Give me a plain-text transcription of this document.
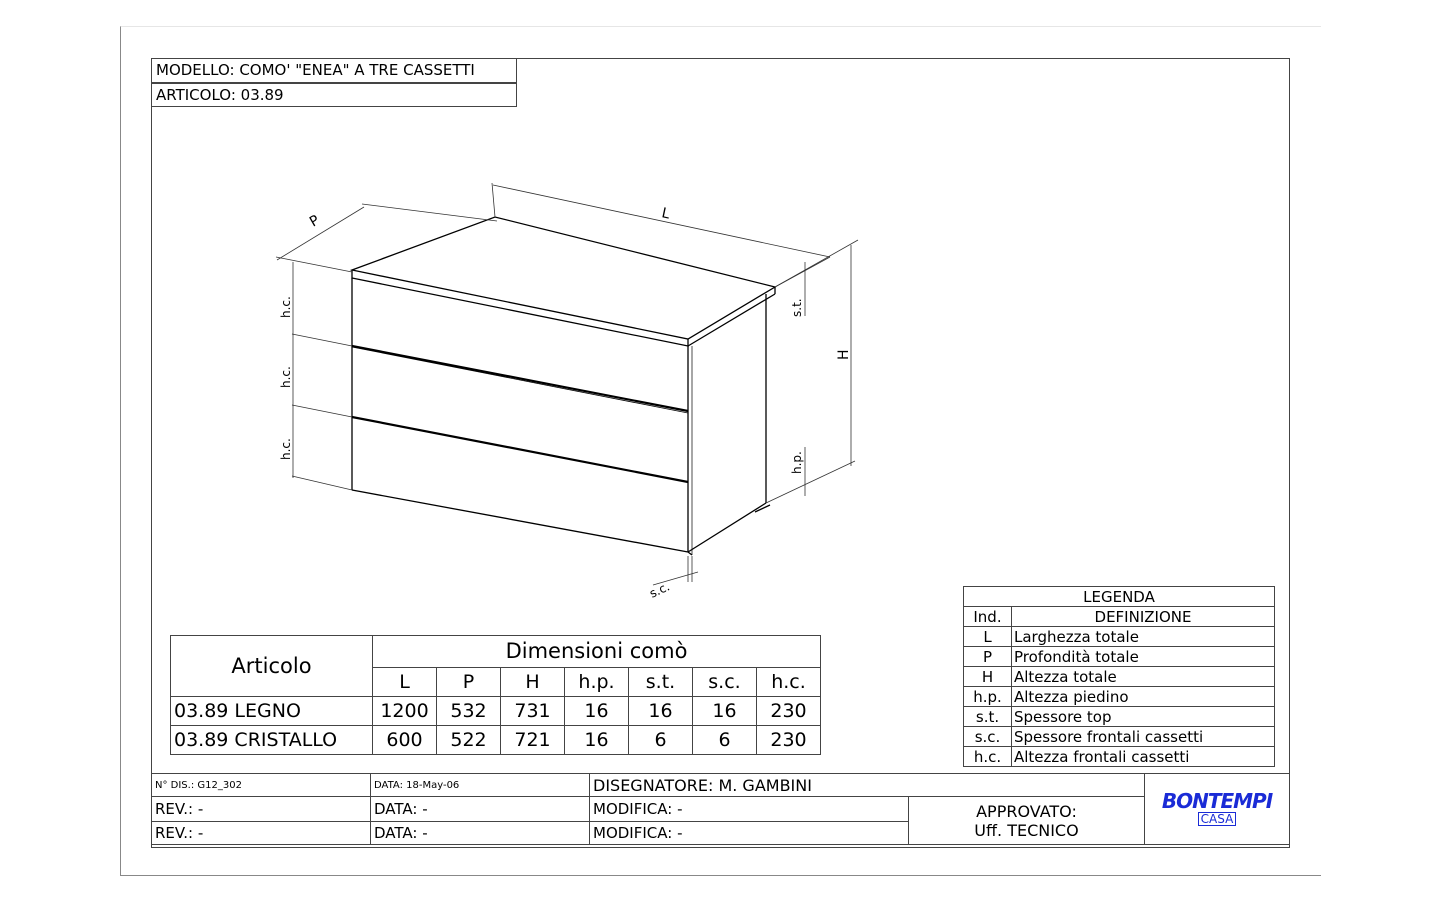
MODELLO: COMO' "ENEA" A TRE CASSETTI
ARTICOLO: 03.89
P	L
H
s.t.
h.p.
h.c.
h.c.
h.c.
s.c.
Articolo	Dimensioni comò						
	L	P	H	h.p.	s.t.	s.c.	h.c.
03.89 LEGNO	1200	532	731	16	16	16	230
03.89 CRISTALLO	600	522	721	16	6	6	230
LEGENDA	
Ind.	DEFINIZIONE
L	Larghezza totale
P	Profondità totale
H	Altezza totale
h.p.	Altezza piedino
s.t.	Spessore top
s.c.	Spessore frontali cassetti
h.c.	Altezza frontali cassetti
N° DIS.: G12_302	DATA: 18-May-06	DISEGNATORE: M. GAMBINI		BONTEMPI
CASA
REV.: -	DATA: -	MODIFICA: -	APPROVATO:
Uff. TECNICO	

REV.: -	DATA: -	MODIFICA: -		
